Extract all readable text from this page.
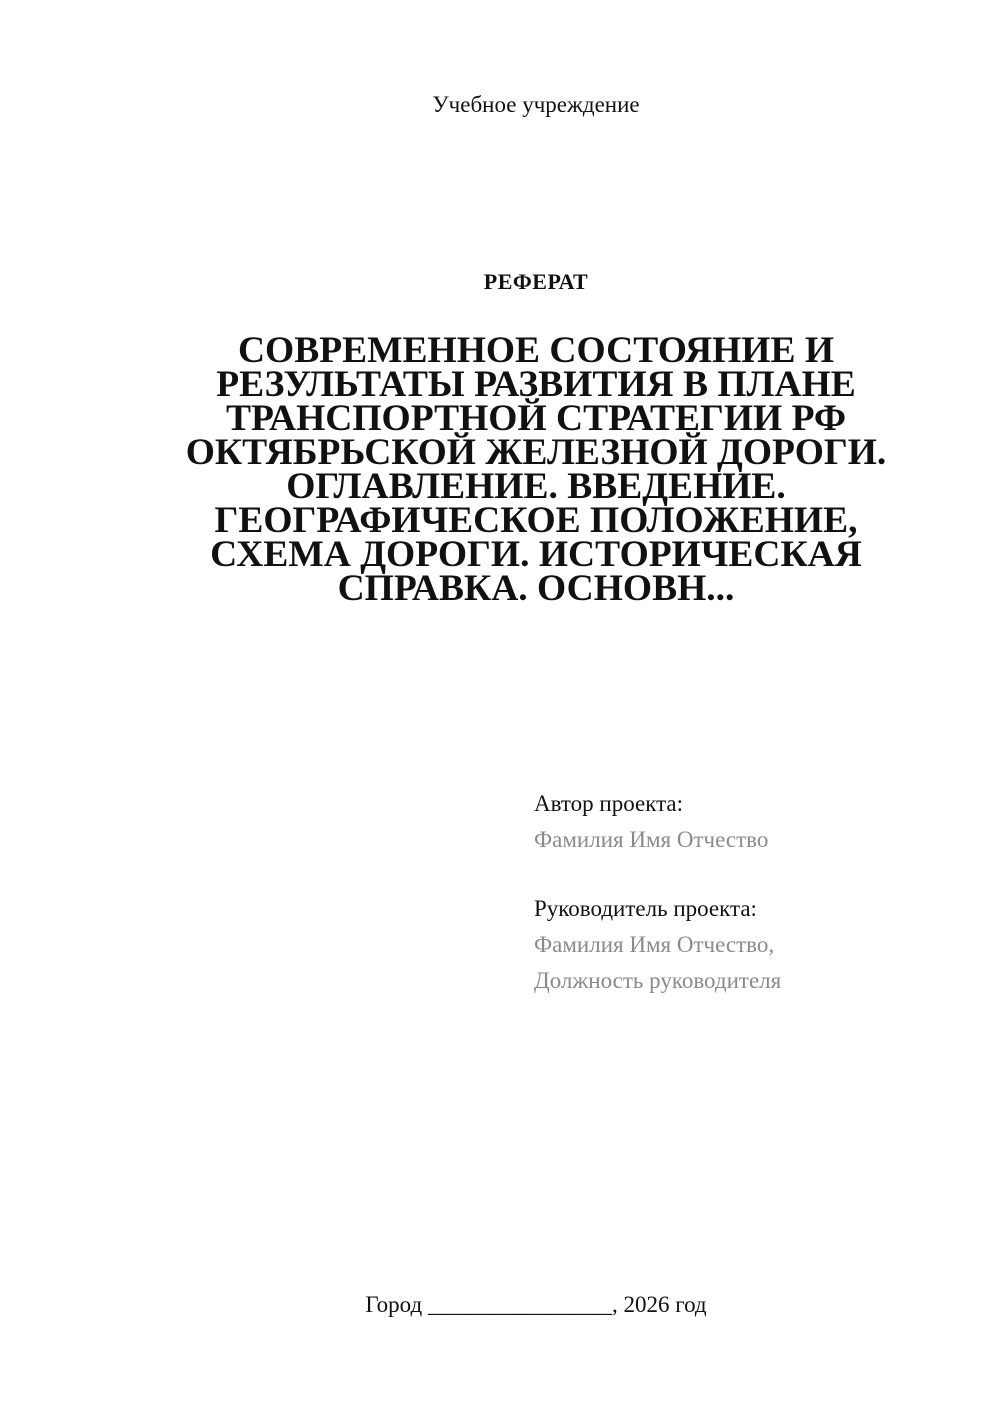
Учебное учреждение
РЕФЕРАТ
СОВРЕМЕННОЕ СОСТОЯНИЕ И
РЕЗУЛЬТАТЫ РАЗВИТИЯ В ПЛАНЕ
ТРАНСПОРТНОЙ СТРАТЕГИИ РФ
ОКТЯБРЬСКОЙ ЖЕЛЕЗНОЙ ДОРОГИ.
ОГЛАВЛЕНИЕ. ВВЕДЕНИЕ.
ГЕОГРАФИЧЕСКОЕ ПОЛОЖЕНИЕ,
СХЕМА ДОРОГИ. ИСТОРИЧЕСКАЯ
СПРАВКА. ОСНОВН...
Автор проекта:
Фамилия Имя Отчество
Руководитель проекта:
Фамилия Имя Отчество,
Должность руководителя
Город ________________, 2026 год
